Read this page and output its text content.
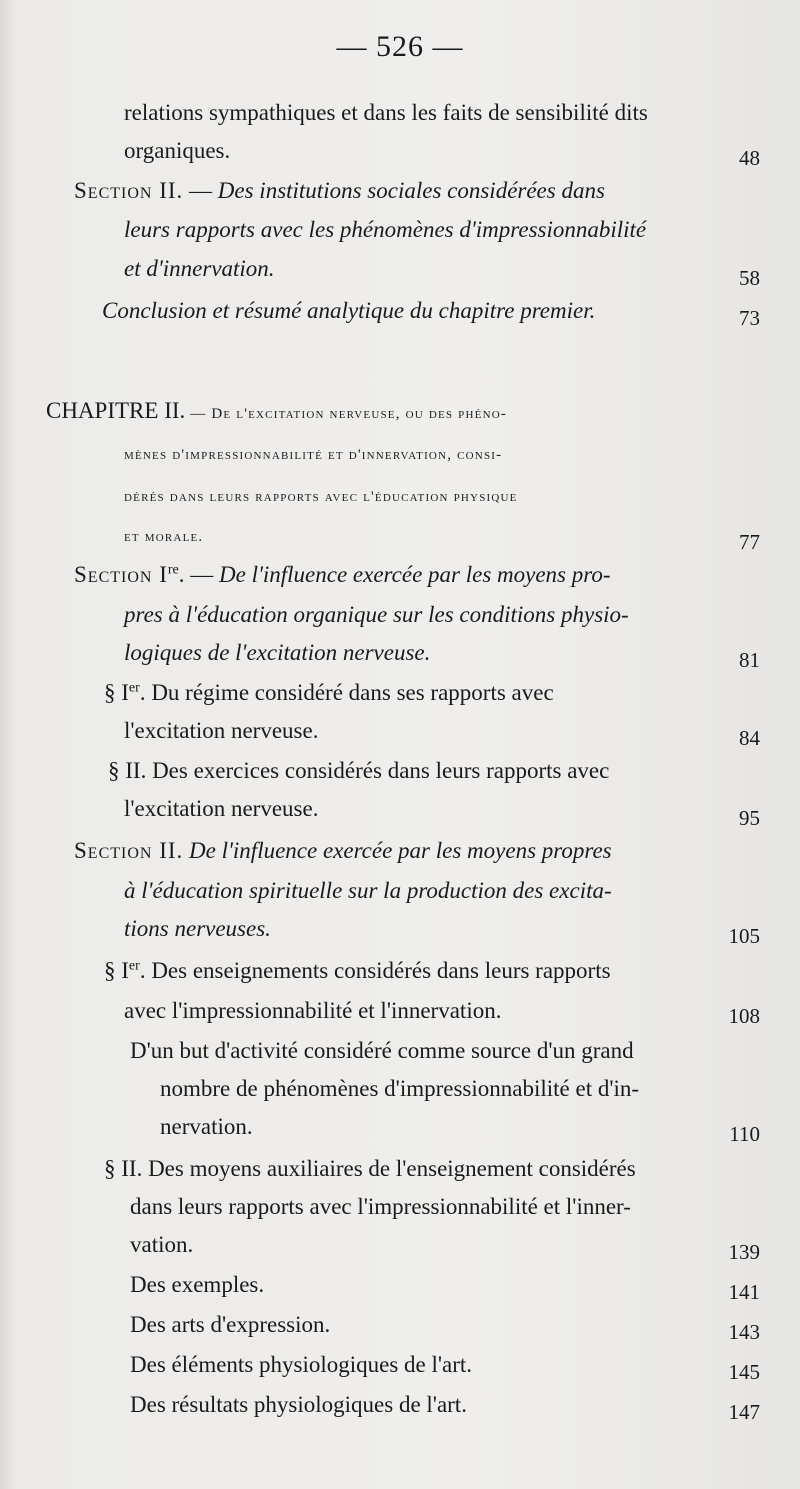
— 526 —
relations sympathiques et dans les faits de sensibilité dits
organiques.	48
Section II. — Des institutions sociales considérées dans
leurs rapports avec les phénomènes d'impressionnabilité
et d'innervation.	58
Conclusion et résumé analytique du chapitre premier.	73
CHAPITRE II. — De l'excitation nerveuse, ou des phéno-
mènes d'impressionnabilité et d'innervation, consi-
dérés dans leurs rapports avec l'éducation physique
et morale.	77
Section Ire. — De l'influence exercée par les moyens pro-
pres à l'éducation organique sur les conditions physio-
logiques de l'excitation nerveuse.	81
§ Ier. Du régime considéré dans ses rapports avec
l'excitation nerveuse.	84
§ II. Des exercices considérés dans leurs rapports avec
l'excitation nerveuse.	95
Section II. De l'influence exercée par les moyens propres
à l'éducation spirituelle sur la production des excita-
tions nerveuses.	105
§ Ier. Des enseignements considérés dans leurs rapports
avec l'impressionnabilité et l'innervation.	108
D'un but d'activité considéré comme source d'un grand
nombre de phénomènes d'impressionnabilité et d'in-
nervation.	110
§ II. Des moyens auxiliaires de l'enseignement considérés
dans leurs rapports avec l'impressionnabilité et l'inner-
vation.	139
Des exemples.	141
Des arts d'expression.	143
Des éléments physiologiques de l'art.	145
Des résultats physiologiques de l'art.	147
